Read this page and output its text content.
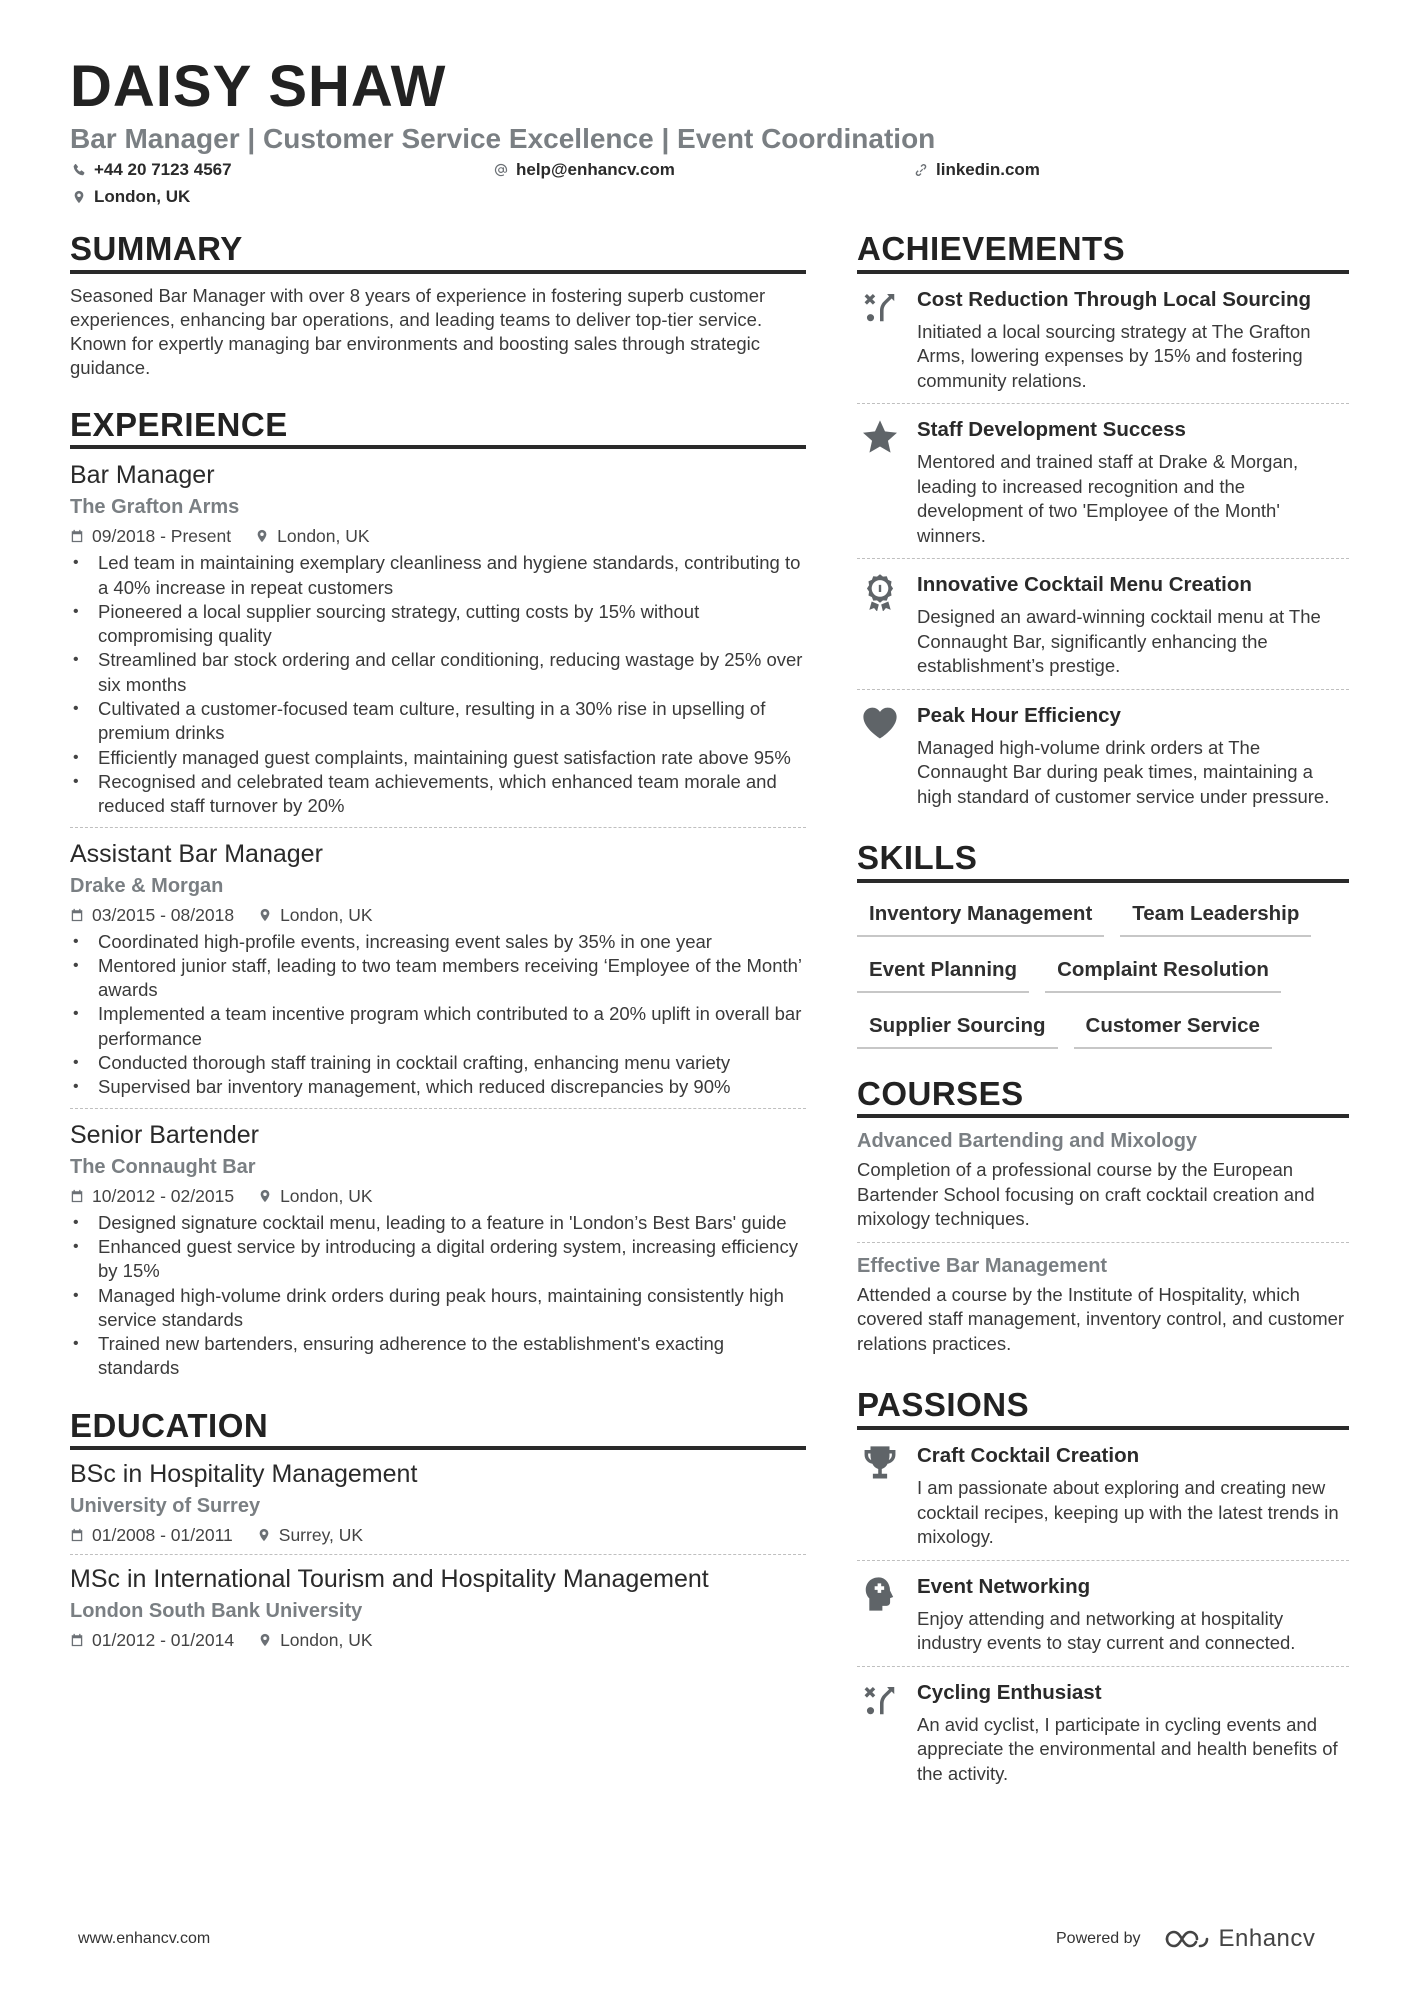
DAISY SHAW
Bar Manager | Customer Service Excellence | Event Coordination
+44 20 7123 4567	help@enhancv.com	linkedin.com
London, UK
SUMMARY
Seasoned Bar Manager with over 8 years of experience in fostering superb customer experiences, enhancing bar operations, and leading teams to deliver top-tier service. Known for expertly managing bar environments and boosting sales through strategic guidance.
EXPERIENCE
Bar Manager
The Grafton Arms
09/2018 - Present	London, UK
• Led team in maintaining exemplary cleanliness and hygiene standards, contributing to a 40% increase in repeat customers
• Pioneered a local supplier sourcing strategy, cutting costs by 15% without compromising quality
• Streamlined bar stock ordering and cellar conditioning, reducing wastage by 25% over six months
• Cultivated a customer-focused team culture, resulting in a 30% rise in upselling of premium drinks
• Efficiently managed guest complaints, maintaining guest satisfaction rate above 95%
• Recognised and celebrated team achievements, which enhanced team morale and reduced staff turnover by 20%
Assistant Bar Manager
Drake & Morgan
03/2015 - 08/2018	London, UK
• Coordinated high-profile events, increasing event sales by 35% in one year
• Mentored junior staff, leading to two team members receiving ‘Employee of the Month’ awards
• Implemented a team incentive program which contributed to a 20% uplift in overall bar performance
• Conducted thorough staff training in cocktail crafting, enhancing menu variety
• Supervised bar inventory management, which reduced discrepancies by 90%
Senior Bartender
The Connaught Bar
10/2012 - 02/2015	London, UK
• Designed signature cocktail menu, leading to a feature in 'London’s Best Bars' guide
• Enhanced guest service by introducing a digital ordering system, increasing efficiency by 15%
• Managed high-volume drink orders during peak hours, maintaining consistently high service standards
• Trained new bartenders, ensuring adherence to the establishment's exacting standards
EDUCATION
BSc in Hospitality Management
University of Surrey
01/2008 - 01/2011	Surrey, UK
MSc in International Tourism and Hospitality Management
London South Bank University
01/2012 - 01/2014	London, UK
ACHIEVEMENTS
Cost Reduction Through Local Sourcing
Initiated a local sourcing strategy at The Grafton Arms, lowering expenses by 15% and fostering community relations.
Staff Development Success
Mentored and trained staff at Drake & Morgan, leading to increased recognition and the development of two 'Employee of the Month' winners.
Innovative Cocktail Menu Creation
Designed an award-winning cocktail menu at The Connaught Bar, significantly enhancing the establishment’s prestige.
Peak Hour Efficiency
Managed high-volume drink orders at The Connaught Bar during peak times, maintaining a high standard of customer service under pressure.
SKILLS
Inventory Management	Team Leadership
Event Planning	Complaint Resolution
Supplier Sourcing	Customer Service
COURSES
Advanced Bartending and Mixology
Completion of a professional course by the European Bartender School focusing on craft cocktail creation and mixology techniques.
Effective Bar Management
Attended a course by the Institute of Hospitality, which covered staff management, inventory control, and customer relations practices.
PASSIONS
Craft Cocktail Creation
I am passionate about exploring and creating new cocktail recipes, keeping up with the latest trends in mixology.
Event Networking
Enjoy attending and networking at hospitality industry events to stay current and connected.
Cycling Enthusiast
An avid cyclist, I participate in cycling events and appreciate the environmental and health benefits of the activity.
www.enhancv.com	Powered by	Enhancv
